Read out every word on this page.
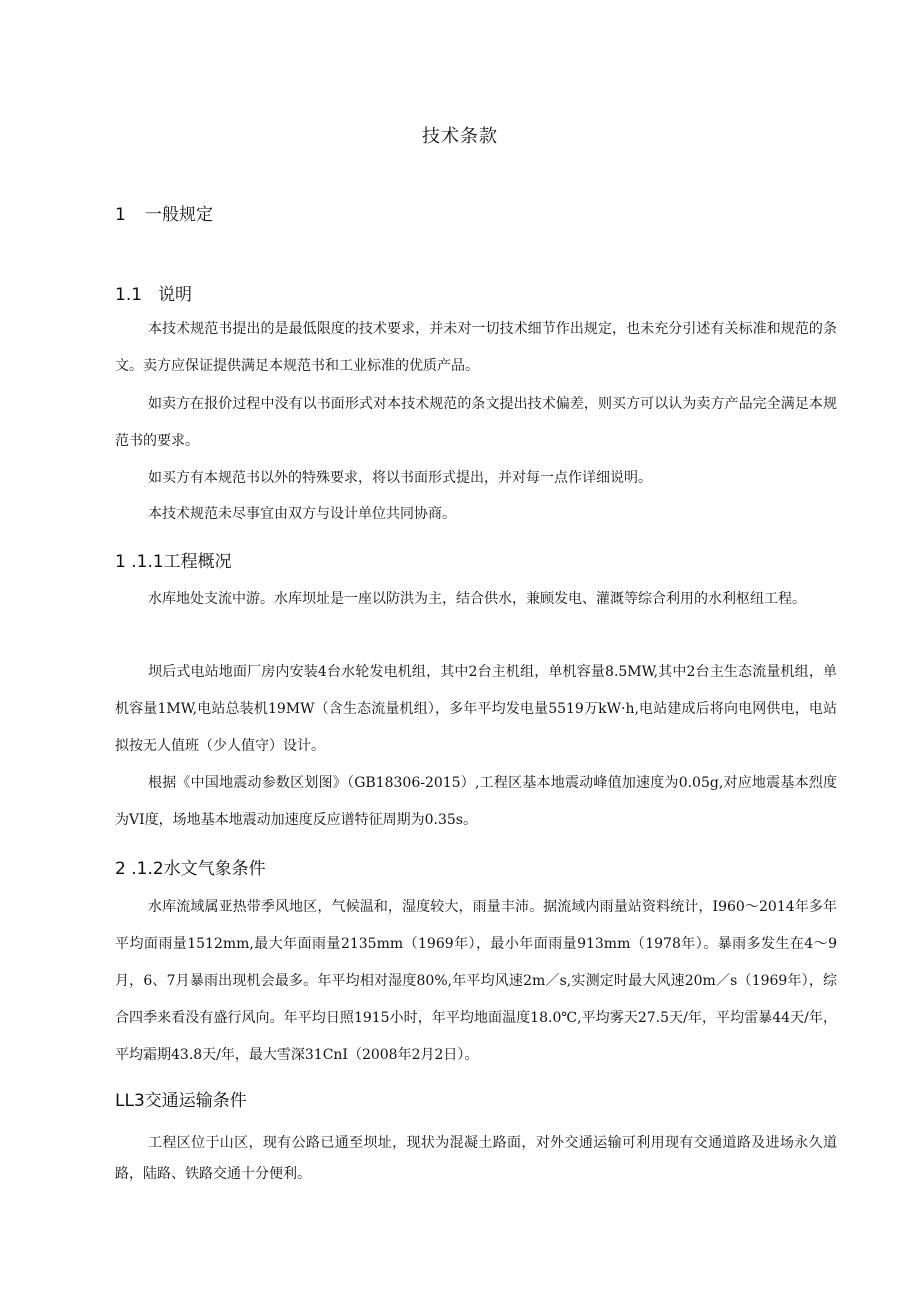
技术条款
1 一般规定
1.1 说明

本技术规范书提出的是最低限度的技术要求，并未对一切技术细节作出规定，也未充分引述有关标准和规范的条文。卖方应保证提供满足本规范书和工业标准的优质产品。

如卖方在报价过程中没有以书面形式对本技术规范的条文提出技术偏差，则买方可以认为卖方产品完全满足本规范书的要求。

如买方有本规范书以外的特殊要求，将以书面形式提出，并对每一点作详细说明。

本技术规范未尽事宜由双方与设计单位共同协商。

1 .1.1工程概况

水库地处支流中游。水库坝址是一座以防洪为主，结合供水，兼顾发电、灌溉等综合利用的水利枢纽工程。

坝后式电站地面厂房内安装4台水轮发电机组，其中2台主机组，单机容量8.5MW,其中2台主生态流量机组，单机容量1MW,电站总装机19MW（含生态流量机组），多年平均发电量5519万kW·h,电站建成后将向电网供电，电站拟按无人值班（少人值守）设计。

根据《中国地震动参数区划图》（GB18306-2015）,工程区基本地震动峰值加速度为0.05g,对应地震基本烈度为VI度，场地基本地震动加速度反应谱特征周期为0.35s。

2 .1.2水文气象条件

水库流域属亚热带季风地区，气候温和，湿度较大，雨量丰沛。据流域内雨量站资料统计，I960～2014年多年平均面雨量1512mm,最大年面雨量2135mm（1969年），最小年面雨量913mm（1978年）。暴雨多发生在4～9月，6、7月暴雨出现机会最多。年平均相对湿度80%,年平均风速2m／s,实测定时最大风速20m／s（1969年），综合四季来看没有盛行风向。年平均日照1915小时，年平均地面温度18.0℃,平均雾天27.5天/年，平均雷暴44天/年，平均霜期43.8天/年，最大雪深31CnI（2008年2月2日）。

LL3交通运输条件

工程区位于山区，现有公路已通至坝址，现状为混凝土路面，对外交通运输可利用现有交通道路及进场永久道路，陆路、铁路交通十分便利。
